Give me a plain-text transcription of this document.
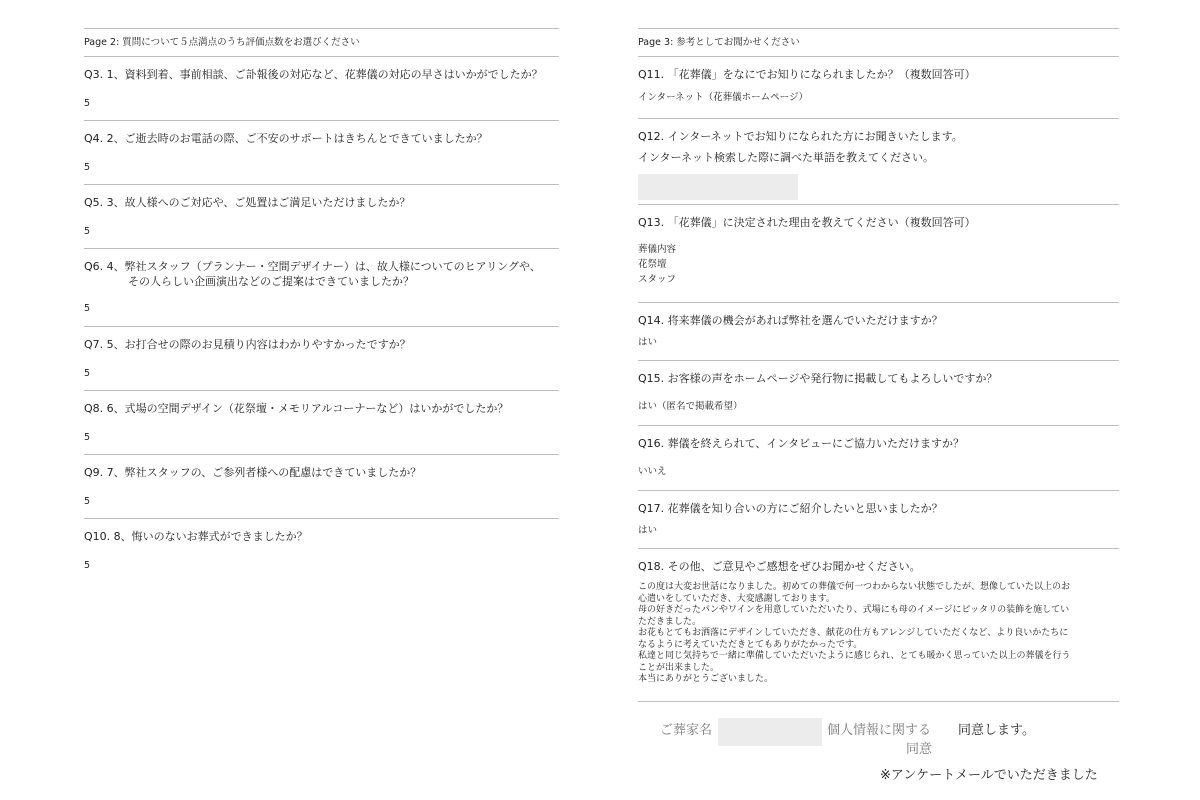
Page 2: 質問について５点満点のうち評価点数をお選びください
Q3. 1、資料到着、事前相談、ご訃報後の対応など、花葬儀の対応の早さはいかがでしたか？
5
Q4. 2、ご逝去時のお電話の際、ご不安のサポートはきちんとできていましたか？
5
Q5. 3、故人様へのご対応や、ご処置はご満足いただけましたか？
5
Q6. 4、弊社スタッフ（プランナー・空間デザイナー）は、故人様についてのヒアリングや、
その人らしい企画演出などのご提案はできていましたか？
5
Q7. 5、お打合せの際のお見積り内容はわかりやすかったですか？
5
Q8. 6、式場の空間デザイン（花祭壇・メモリアルコーナーなど）はいかがでしたか？
5
Q9. 7、弊社スタッフの、ご参列者様への配慮はできていましたか？
5
Q10. 8、悔いのないお葬式ができましたか？
5
Page 3: 参考としてお聞かせください
Q11. 「花葬儀」をなにでお知りになられましたか？（複数回答可）
インターネット（花葬儀ホームページ）
Q12. インターネットでお知りになられた方にお聞きいたします。
インターネット検索した際に調べた単語を教えてください。
Q13. 「花葬儀」に決定された理由を教えてください（複数回答可）
葬儀内容
花祭壇
スタッフ
Q14. 将来葬儀の機会があれば弊社を選んでいただけますか？
はい
Q15. お客様の声をホームページや発行物に掲載してもよろしいですか？
はい（匿名で掲載希望）
Q16. 葬儀を終えられて、インタビューにご協力いただけますか？
いいえ
Q17. 花葬儀を知り合いの方にご紹介したいと思いましたか？
はい
Q18. その他、ご意見やご感想をぜひお聞かせください。
この度は大変お世話になりました。初めての葬儀で何一つわからない状態でしたが、想像していた以上のお
心遣いをしていただき、大変感謝しております。
母の好きだったパンやワインを用意していただいたり、式場にも母のイメージにピッタリの装飾を施してい
ただきました。
お花もとてもお洒落にデザインしていただき、献花の仕方もアレンジしていただくなど、より良いかたちに
なるように考えていただきとてもありがたかったです。
私達と同じ気持ちで一緒に準備していただいたように感じられ、とても暖かく思っていた以上の葬儀を行う
ことが出来ました。
本当にありがとうございました。
ご葬家名	個人情報に関する
同意
同意します。
※アンケートメールでいただきました
